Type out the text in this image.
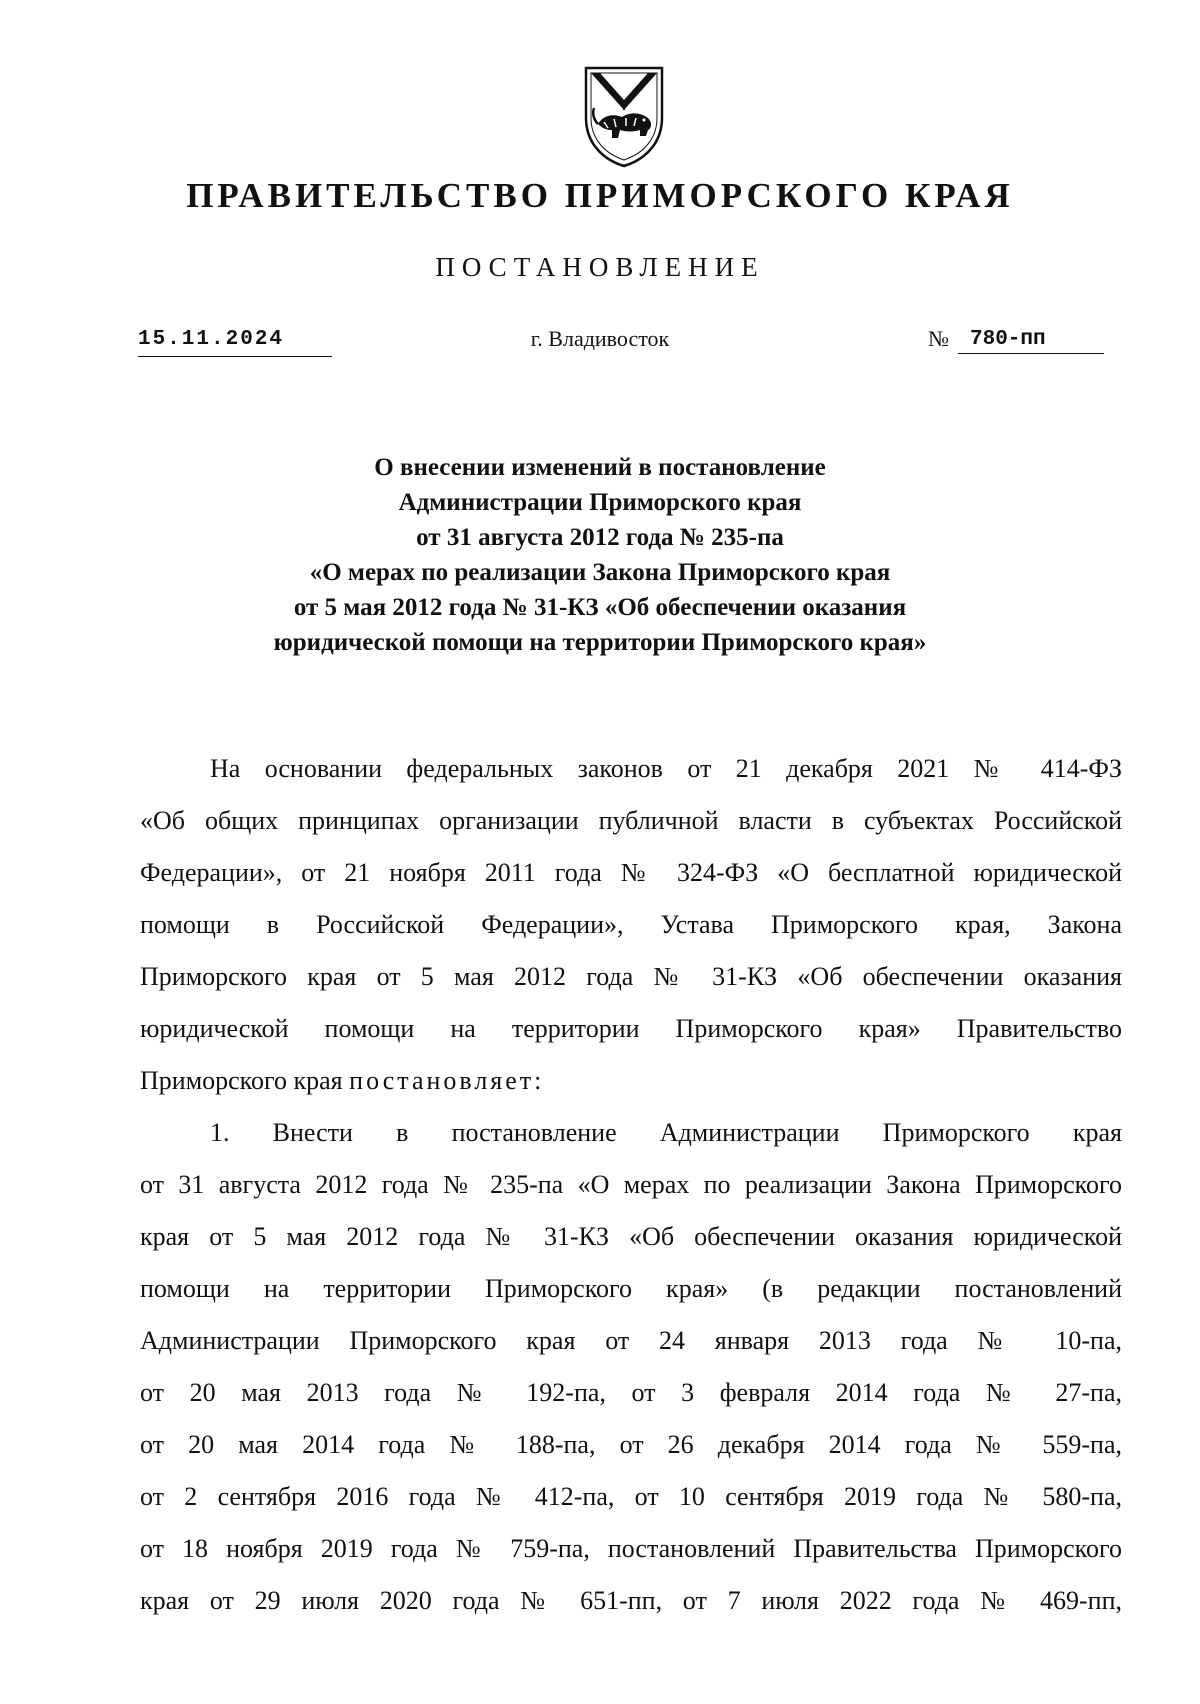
ПРАВИТЕЛЬСТВО ПРИМОРСКОГО КРАЯ
ПОСТАНОВЛЕНИЕ
15.11.2024	г. Владивосток	№	780-пп
О внесении изменений в постановление
Администрации Приморского края
от 31 августа 2012 года № 235-па
«О мерах по реализации Закона Приморского края
от 5 мая 2012 года № 31-КЗ «Об обеспечении оказания
юридической помощи на территории Приморского края»
На основании федеральных законов от 21 декабря 2021 № 414-ФЗ
«Об общих принципах организации публичной власти в субъектах Российской
Федерации», от 21 ноября 2011 года № 324-ФЗ «О бесплатной юридической
помощи в Российской Федерации», Устава Приморского края, Закона
Приморского края от 5 мая 2012 года № 31-КЗ «Об обеспечении оказания
юридической помощи на территории Приморского края» Правительство
Приморского края постановляет:
1. Внести в постановление Администрации Приморского края
от 31 августа 2012 года № 235-па «О мерах по реализации Закона Приморского
края от 5 мая 2012 года № 31-КЗ «Об обеспечении оказания юридической
помощи на территории Приморского края» (в редакции постановлений
Администрации Приморского края от 24 января 2013 года № 10-па,
от 20 мая 2013 года № 192-па, от 3 февраля 2014 года № 27-па,
от 20 мая 2014 года № 188-па, от 26 декабря 2014 года № 559-па,
от 2 сентября 2016 года № 412-па, от 10 сентября 2019 года № 580-па,
от 18 ноября 2019 года № 759-па, постановлений Правительства Приморского
края от 29 июля 2020 года № 651-пп, от 7 июля 2022 года № 469-пп,
